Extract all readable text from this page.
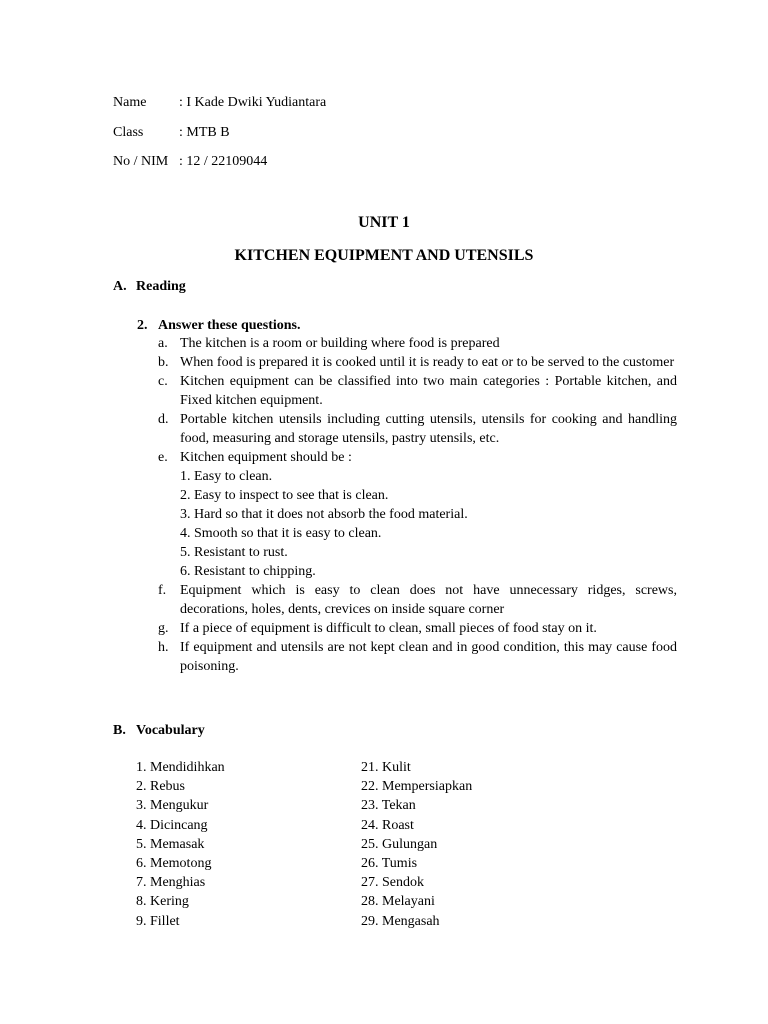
Name	: I Kade Dwiki Yudiantara
Class	: MTB B
No / NIM : 12 / 22109044
UNIT 1
KITCHEN EQUIPMENT AND UTENSILS
A. Reading
2. Answer these questions.
a. The kitchen is a room or building where food is prepared
b. When food is prepared it is cooked until it is ready to eat or to be served to the customer
c. Kitchen equipment can be classified into two main categories : Portable kitchen, and Fixed kitchen equipment.
d. Portable kitchen utensils including cutting utensils, utensils for cooking and handling food, measuring and storage utensils, pastry utensils, etc.
e. Kitchen equipment should be :
1. Easy to clean.
2. Easy to inspect to see that is clean.
3. Hard so that it does not absorb the food material.
4. Smooth so that it is easy to clean.
5. Resistant to rust.
6. Resistant to chipping.
f. Equipment which is easy to clean does not have unnecessary ridges, screws, decorations, holes, dents, crevices on inside square corner
g. If a piece of equipment is difficult to clean, small pieces of food stay on it.
h. If equipment and utensils are not kept clean and in good condition, this may cause food poisoning.
B. Vocabulary
1. Mendidihkan
2. Rebus
3. Mengukur
4. Dicincang
5. Memasak
6. Memotong
7. Menghias
8. Kering
9. Fillet
21. Kulit
22. Mempersiapkan
23. Tekan
24. Roast
25. Gulungan
26. Tumis
27. Sendok
28. Melayani
29. Mengasah
